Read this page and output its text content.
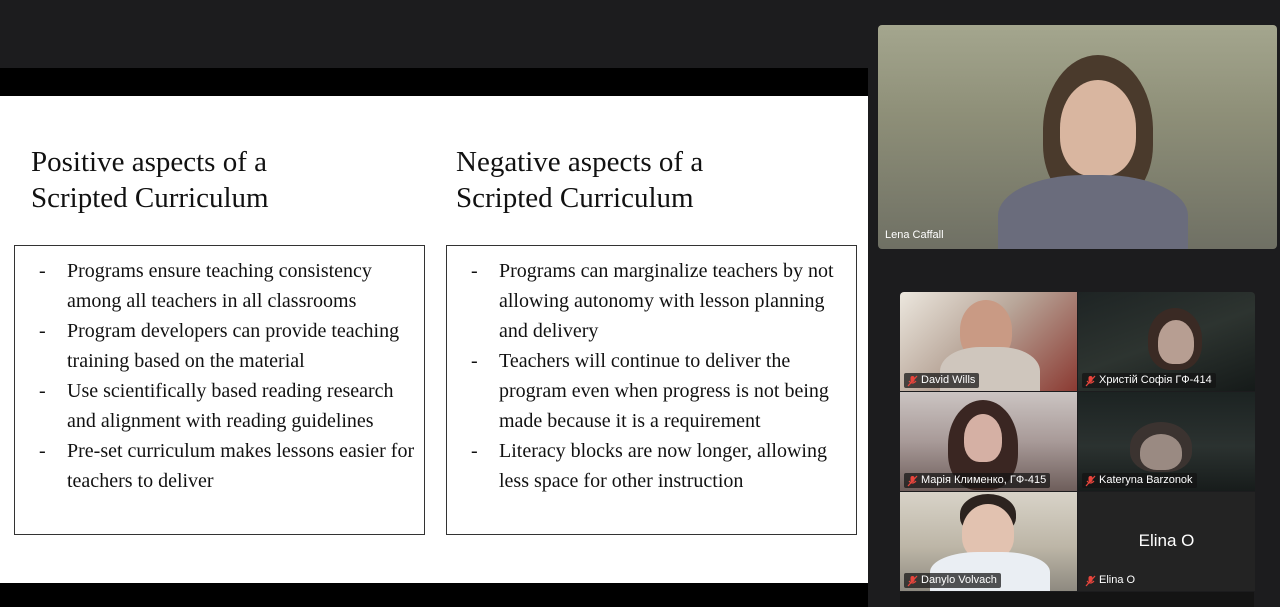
Positive aspects of a
Scripted Curriculum
Negative aspects of a
Scripted Curriculum
- Programs ensure teaching consistency among all teachers in all classrooms
- Program developers can provide teaching training based on the material
- Use scientifically based reading research and alignment with reading guidelines
- Pre-set curriculum makes lessons easier for teachers to deliver
- Programs can marginalize teachers by not allowing autonomy with lesson planning and delivery
- Teachers will continue to deliver the program even when progress is not being made because it is a requirement
- Literacy blocks are now longer, allowing less space for other instruction
Lena Caffall
David Wills	Христій Софія ГФ-414
Марія Клименко, ГФ-415	Kateryna Barzonok
Danylo Volvach
Elina O
Elina O
